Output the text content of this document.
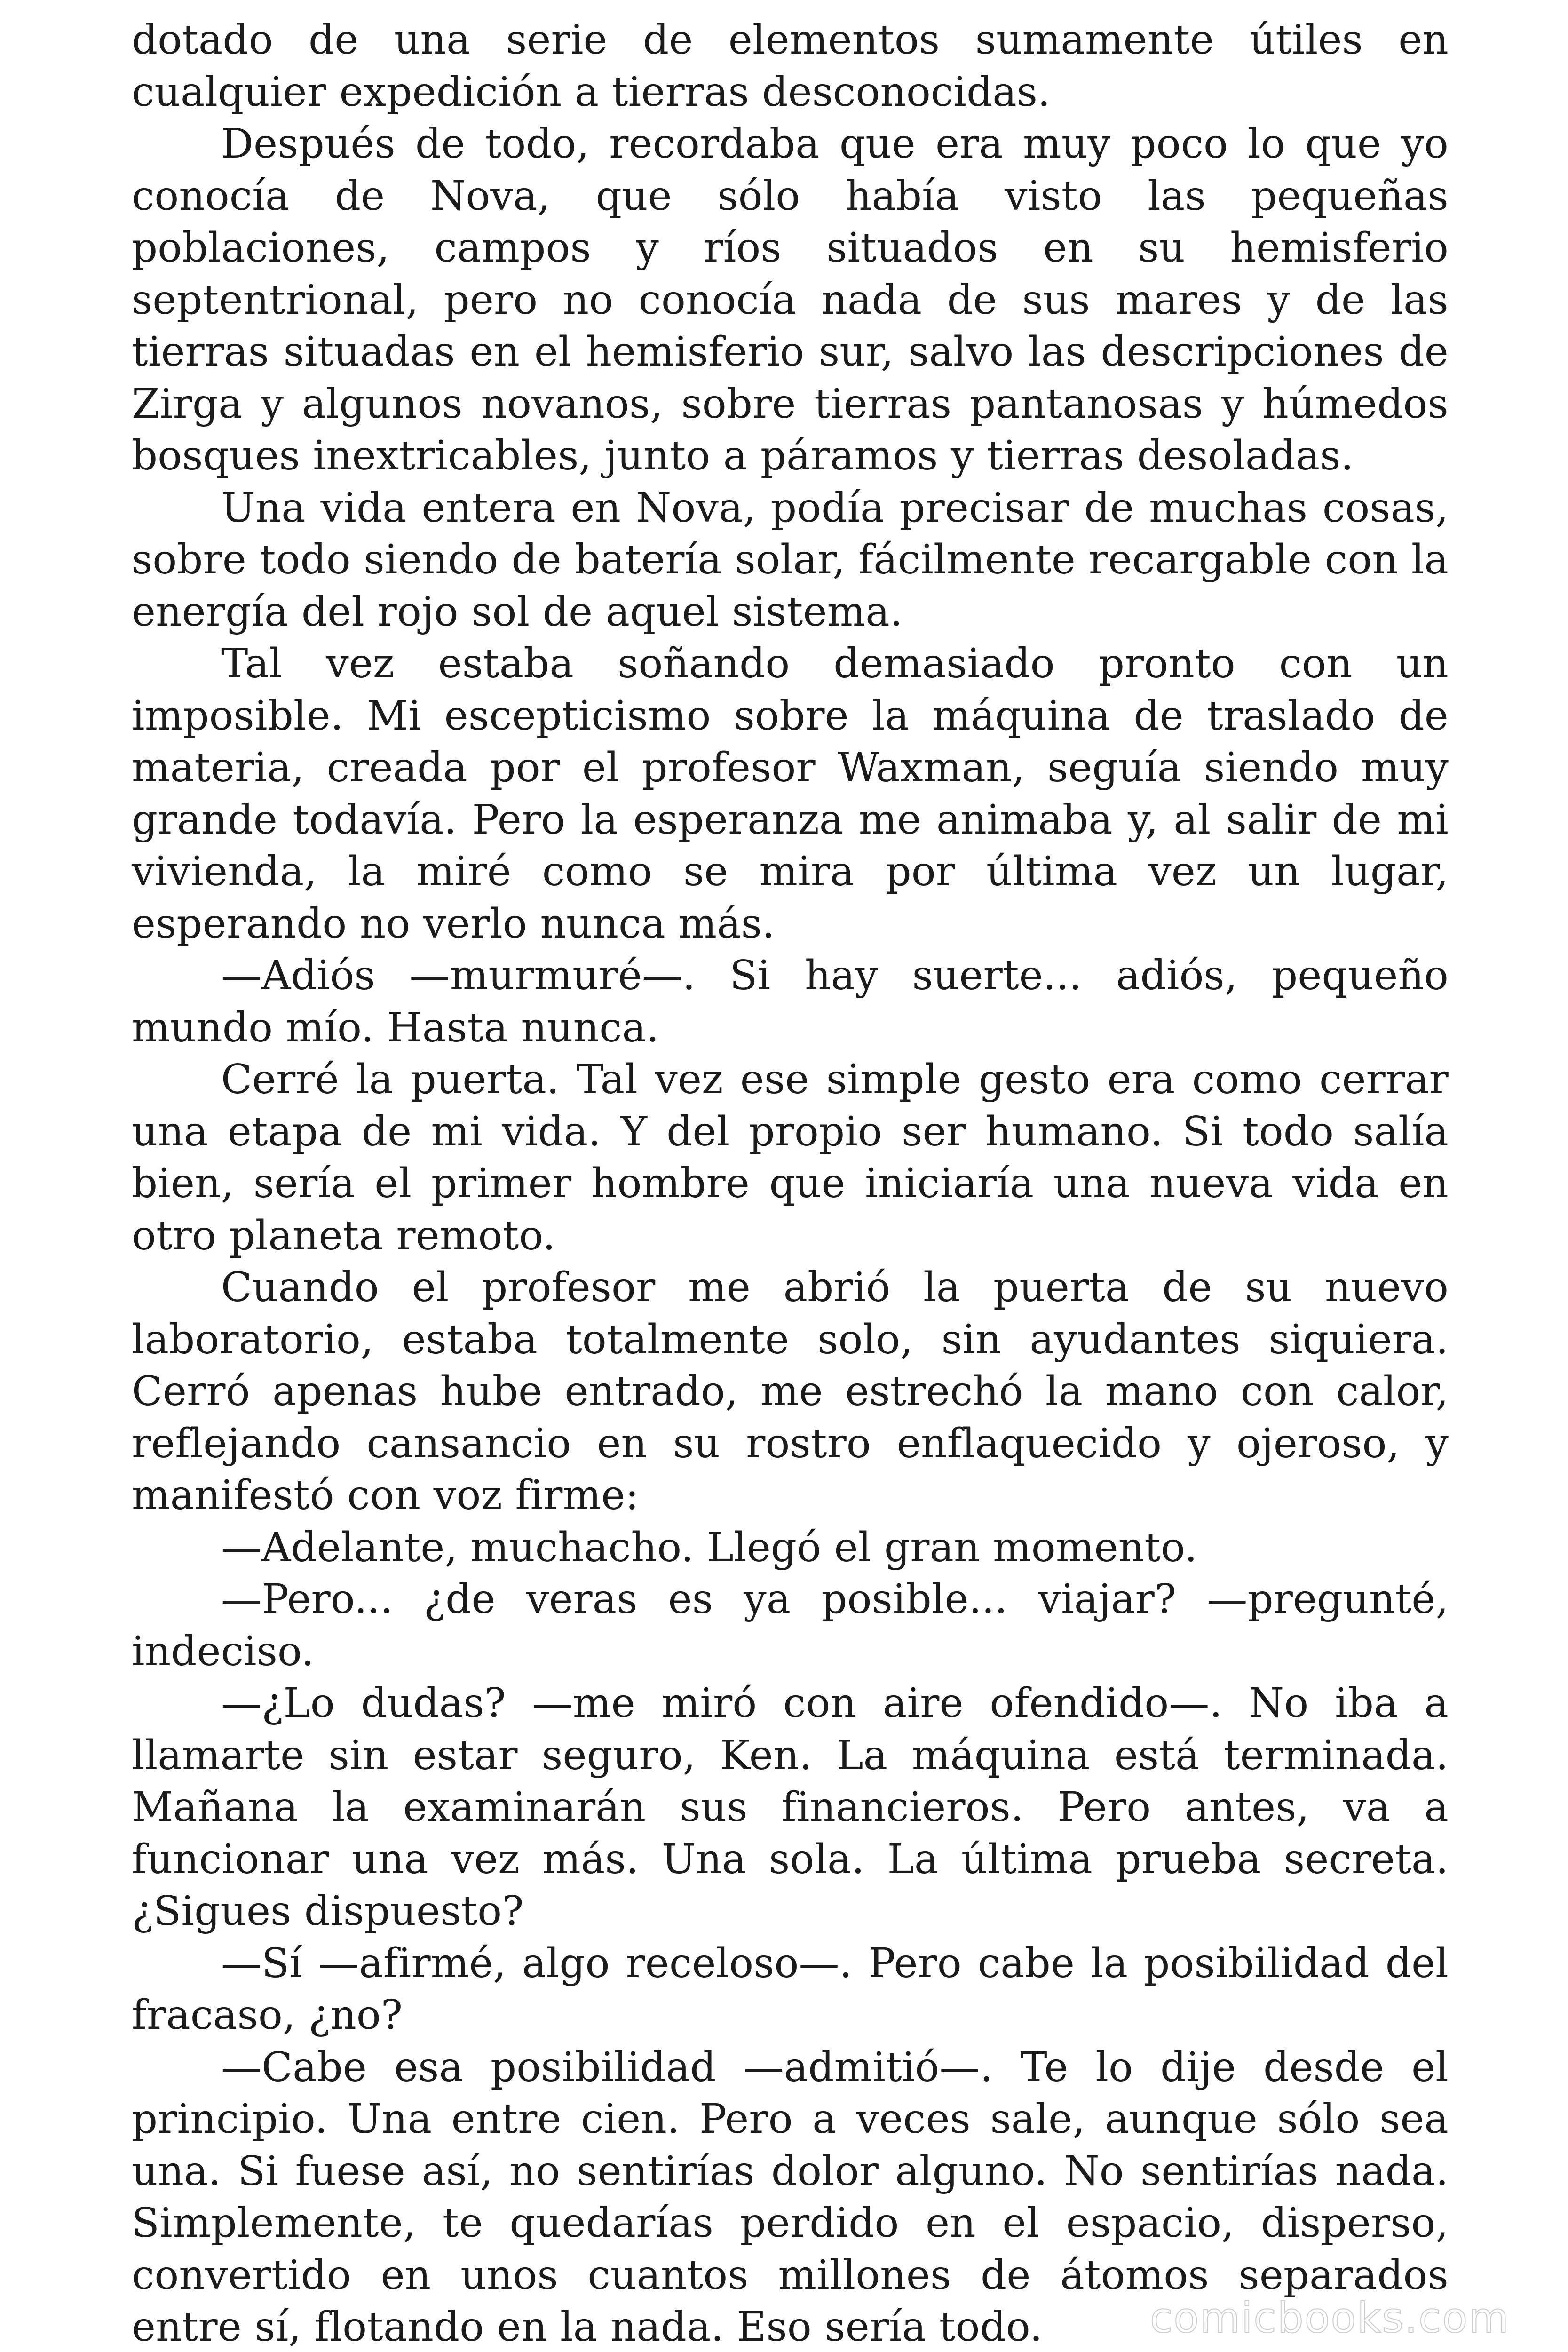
dotado de una serie de elementos sumamente útiles en cualquier expedición a tierras desconocidas.

Después de todo, recordaba que era muy poco lo que yo conocía de Nova, que sólo había visto las pequeñas poblaciones, campos y ríos situados en su hemisferio septentrional, pero no conocía nada de sus mares y de las tierras situadas en el hemisferio sur, salvo las descripciones de Zirga y algunos novanos, sobre tierras pantanosas y húmedos bosques inextricables, junto a páramos y tierras desoladas.

Una vida entera en Nova, podía precisar de muchas cosas, sobre todo siendo de batería solar, fácilmente recargable con la energía del rojo sol de aquel sistema.

Tal vez estaba soñando demasiado pronto con un imposible. Mi escepticismo sobre la máquina de traslado de materia, creada por el profesor Waxman, seguía siendo muy grande todavía. Pero la esperanza me animaba y, al salir de mi vivienda, la miré como se mira por última vez un lugar, esperando no verlo nunca más.

—Adiós —murmuré—. Si hay suerte... adiós, pequeño mundo mío. Hasta nunca.

Cerré la puerta. Tal vez ese simple gesto era como cerrar una etapa de mi vida. Y del propio ser humano. Si todo salía bien, sería el primer hombre que iniciaría una nueva vida en otro planeta remoto.

Cuando el profesor me abrió la puerta de su nuevo laboratorio, estaba totalmente solo, sin ayudantes siquiera. Cerró apenas hube entrado, me estrechó la mano con calor, reflejando cansancio en su rostro enflaquecido y ojeroso, y manifestó con voz firme:

—Adelante, muchacho. Llegó el gran momento.

—Pero... ¿de veras es ya posible... viajar? —pregunté, indeciso.

—¿Lo dudas? —me miró con aire ofendido—. No iba a llamarte sin estar seguro, Ken. La máquina está terminada. Mañana la examinarán sus financieros. Pero antes, va a funcionar una vez más. Una sola. La última prueba secreta. ¿Sigues dispuesto?

—Sí —afirmé, algo receloso—. Pero cabe la posibilidad del fracaso, ¿no?

—Cabe esa posibilidad —admitió—. Te lo dije desde el principio. Una entre cien. Pero a veces sale, aunque sólo sea una. Si fuese así, no sentirías dolor alguno. No sentirías nada. Simplemente, te quedarías perdido en el espacio, disperso, convertido en unos cuantos millones de átomos separados entre sí, flotando en la nada. Eso sería todo.	comicbooks.com
